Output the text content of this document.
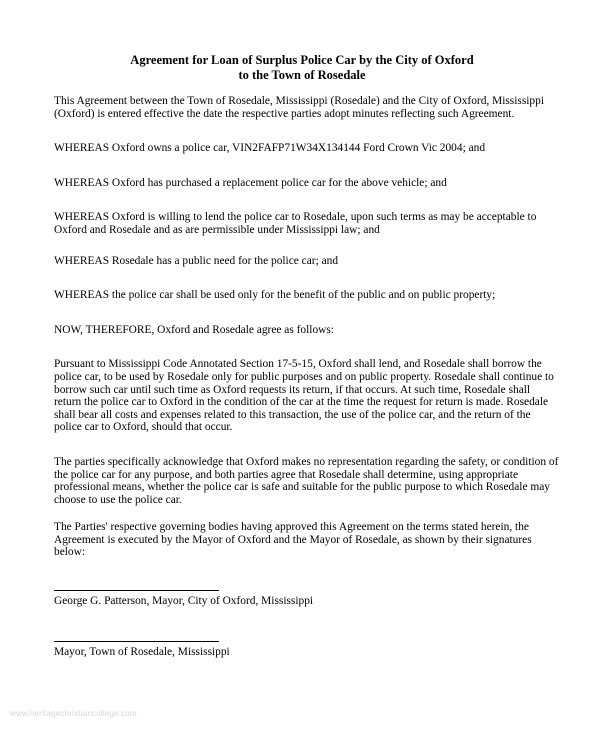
Agreement for Loan of Surplus Police Car by the City of Oxford
to the Town of Rosedale

This Agreement between the Town of Rosedale, Mississippi (Rosedale) and the City of Oxford, Mississippi (Oxford) is entered effective the date the respective parties adopt minutes reflecting such Agreement.

WHEREAS Oxford owns a police car, VIN2FAFP71W34X134144 Ford Crown Vic 2004; and

WHEREAS Oxford has purchased a replacement police car for the above vehicle; and

WHEREAS Oxford is willing to lend the police car to Rosedale, upon such terms as may be acceptable to Oxford and Rosedale and as are permissible under Mississippi law; and

WHEREAS Rosedale has a public need for the police car; and

WHEREAS the police car shall be used only for the benefit of the public and on public property;

NOW, THEREFORE, Oxford and Rosedale agree as follows:

Pursuant to Mississippi Code Annotated Section 17-5-15, Oxford shall lend, and Rosedale shall borrow the police car, to be used by Rosedale only for public purposes and on public property. Rosedale shall continue to borrow such car until such time as Oxford requests its return, if that occurs. At such time, Rosedale shall return the police car to Oxford in the condition of the car at the time the request for return is made. Rosedale shall bear all costs and expenses related to this transaction, the use of the police car, and the return of the police car to Oxford, should that occur.

The parties specifically acknowledge that Oxford makes no representation regarding the safety, or condition of the police car for any purpose, and both parties agree that Rosedale shall determine, using appropriate professional means, whether the police car is safe and suitable for the public purpose to which Rosedale may choose to use the police car.

The Parties' respective governing bodies having approved this Agreement on the terms stated herein, the Agreement is executed by the Mayor of Oxford and the Mayor of Rosedale, as shown by their signatures below:

George G. Patterson, Mayor, City of Oxford, Mississippi

Mayor, Town of Rosedale, Mississippi

www.heritagechristiancollege.com
